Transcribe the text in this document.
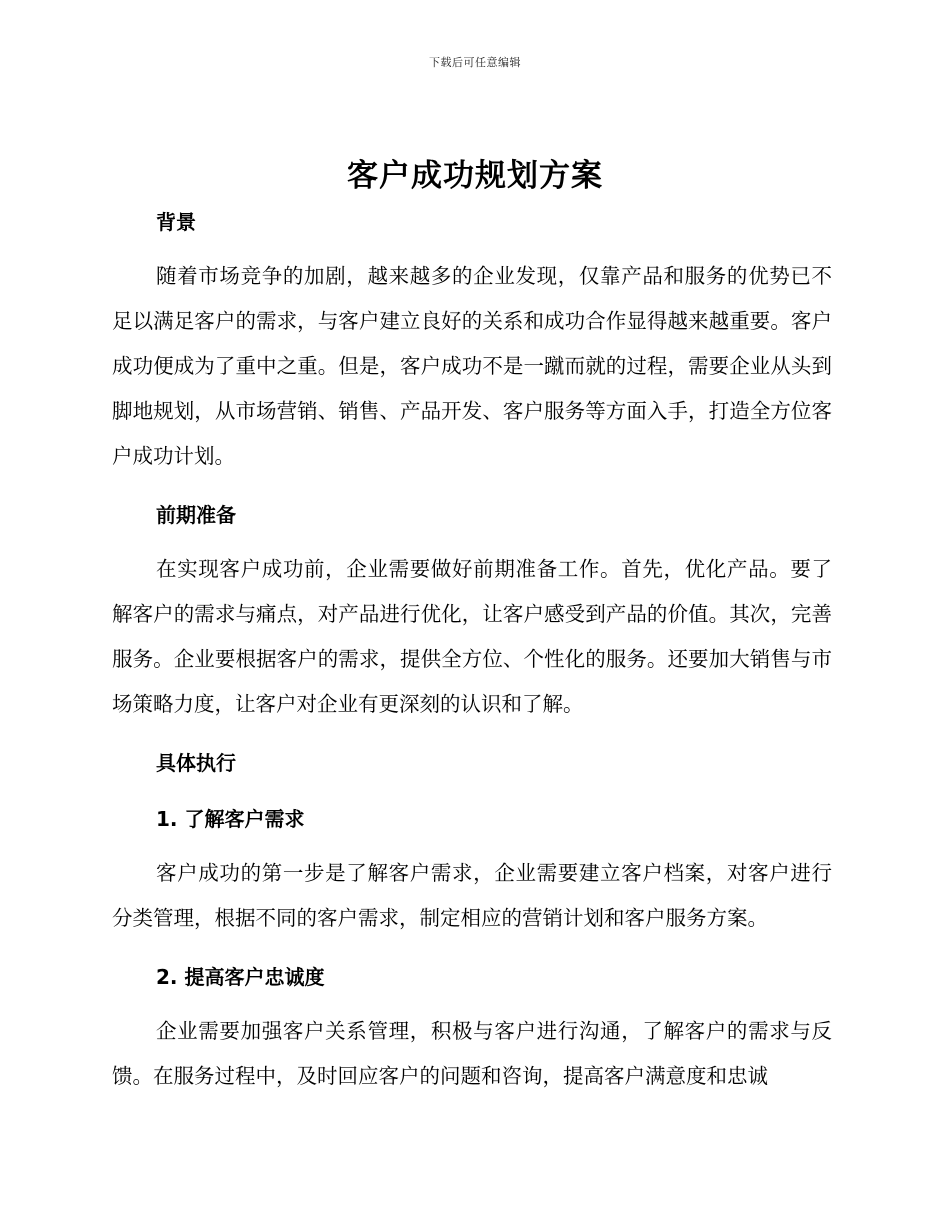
下载后可任意编辑
客户成功规划方案

背景

随着市场竞争的加剧，越来越多的企业发现，仅靠产品和服务的优势已不足以满足客户的需求，与客户建立良好的关系和成功合作显得越来越重要。客户成功便成为了重中之重。但是，客户成功不是一蹴而就的过程，需要企业从头到脚地规划，从市场营销、销售、产品开发、客户服务等方面入手，打造全方位客户成功计划。

前期准备

在实现客户成功前，企业需要做好前期准备工作。首先，优化产品。要了解客户的需求与痛点，对产品进行优化，让客户感受到产品的价值。其次，完善服务。企业要根据客户的需求，提供全方位、个性化的服务。还要加大销售与市场策略力度，让客户对企业有更深刻的认识和了解。

具体执行

1. 了解客户需求

客户成功的第一步是了解客户需求，企业需要建立客户档案，对客户进行分类管理，根据不同的客户需求，制定相应的营销计划和客户服务方案。

2. 提高客户忠诚度

企业需要加强客户关系管理，积极与客户进行沟通，了解客户的需求与反馈。在服务过程中，及时回应客户的问题和咨询，提高客户满意度和忠诚
